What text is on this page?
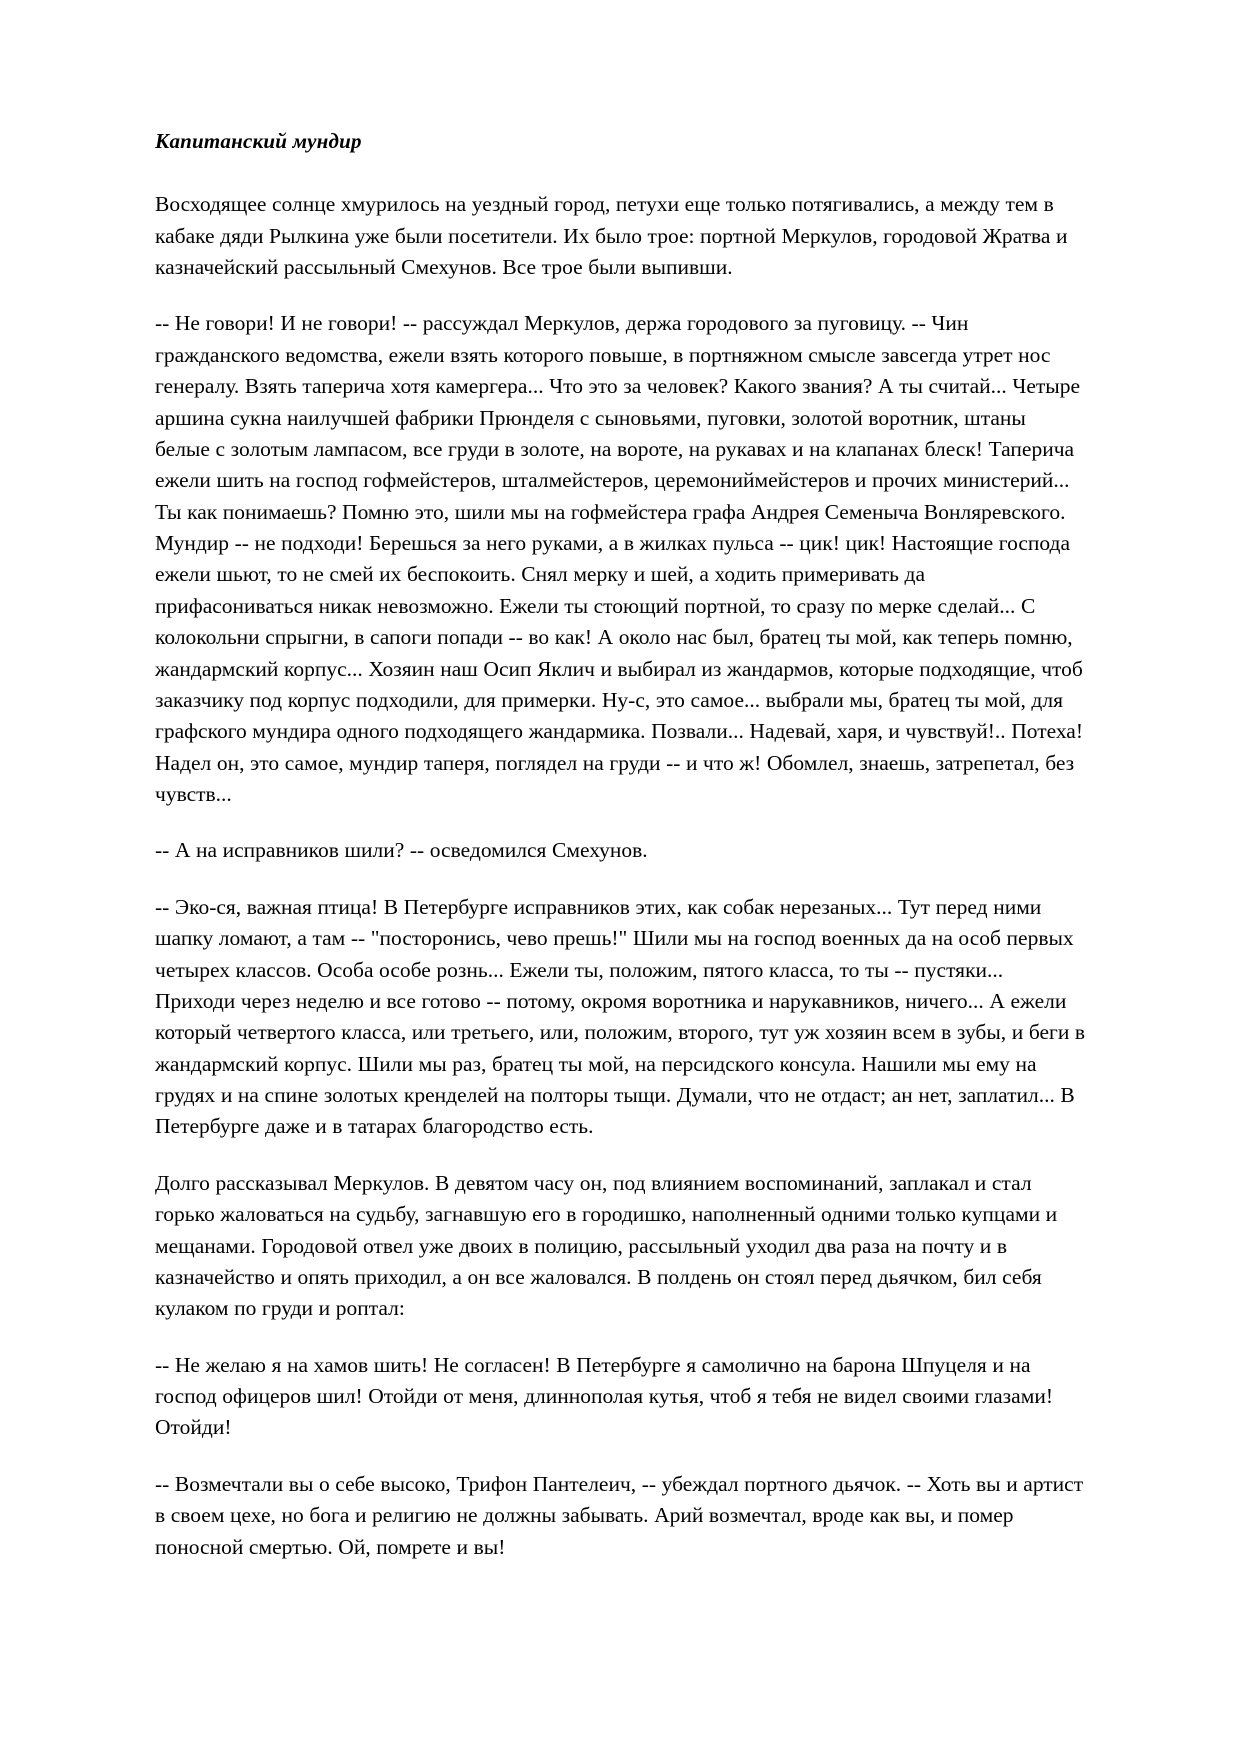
Капитанский мундир

Восходящее солнце хмурилось на уездный город, петухи еще только потягивались, а между тем в кабаке дяди Рылкина уже были посетители. Их было трое: портной Меркулов, городовой Жратва и казначейский рассыльный Смехунов. Все трое были выпивши.

-- Не говори! И не говори! -- рассуждал Меркулов, держа городового за пуговицу. -- Чин гражданского ведомства, ежели взять которого повыше, в портняжном смысле завсегда утрет нос генералу. Взять таперича хотя камергера... Что это за человек? Какого звания? А ты считай... Четыре аршина сукна наилучшей фабрики Прюнделя с сыновьями, пуговки, золотой воротник, штаны белые с золотым лампасом, все груди в золоте, на вороте, на рукавах и на клапанах блеск! Таперича ежели шить на господ гофмейстеров, шталмейстеров, церемониймейстеров и прочих министерий... Ты как понимаешь? Помню это, шили мы на гофмейстера графа Андрея Семеныча Вонляревского. Мундир -- не подходи! Берешься за него руками, а в жилках пульса -- цик! цик! Настоящие господа ежели шьют, то не смей их беспокоить. Снял мерку и шей, а ходить примеривать да прифасониваться никак невозможно. Ежели ты стоющий портной, то сразу по мерке сделай... С колокольни спрыгни, в сапоги попади -- во как! А около нас был, братец ты мой, как теперь помню, жандармский корпус... Хозяин наш Осип Яклич и выбирал из жандармов, которые подходящие, чтоб заказчику под корпус подходили, для примерки. Ну-с, это самое... выбрали мы, братец ты мой, для графского мундира одного подходящего жандармика. Позвали... Надевай, харя, и чувствуй!.. Потеха! Надел он, это самое, мундир таперя, поглядел на груди -- и что ж! Обомлел, знаешь, затрепетал, без чувств...

-- А на исправников шили? -- осведомился Смехунов.

-- Эко-ся, важная птица! В Петербурге исправников этих, как собак нерезаных... Тут перед ними шапку ломают, а там -- "посторонись, чево прешь!" Шили мы на господ военных да на особ первых четырех классов. Особа особе рознь... Ежели ты, положим, пятого класса, то ты -- пустяки... Приходи через неделю и все готово -- потому, окромя воротника и нарукавников, ничего... А ежели который четвертого класса, или третьего, или, положим, второго, тут уж хозяин всем в зубы, и беги в жандармский корпус. Шили мы раз, братец ты мой, на персидского консула. Нашили мы ему на грудях и на спине золотых кренделей на полторы тыщи. Думали, что не отдаст; ан нет, заплатил... В Петербурге даже и в татарах благородство есть.

Долго рассказывал Меркулов. В девятом часу он, под влиянием воспоминаний, заплакал и стал горько жаловаться на судьбу, загнавшую его в городишко, наполненный одними только купцами и мещанами. Городовой отвел уже двоих в полицию, рассыльный уходил два раза на почту и в казначейство и опять приходил, а он все жаловался. В полдень он стоял перед дьячком, бил себя кулаком по груди и роптал:

-- Не желаю я на хамов шить! Не согласен! В Петербурге я самолично на барона Шпуцеля и на господ офицеров шил! Отойди от меня, длиннополая кутья, чтоб я тебя не видел своими глазами! Отойди!

-- Возмечтали вы о себе высоко, Трифон Пантелеич, -- убеждал портного дьячок. -- Хоть вы и артист в своем цехе, но бога и религию не должны забывать. Арий возмечтал, вроде как вы, и помер поносной смертью. Ой, помрете и вы!
